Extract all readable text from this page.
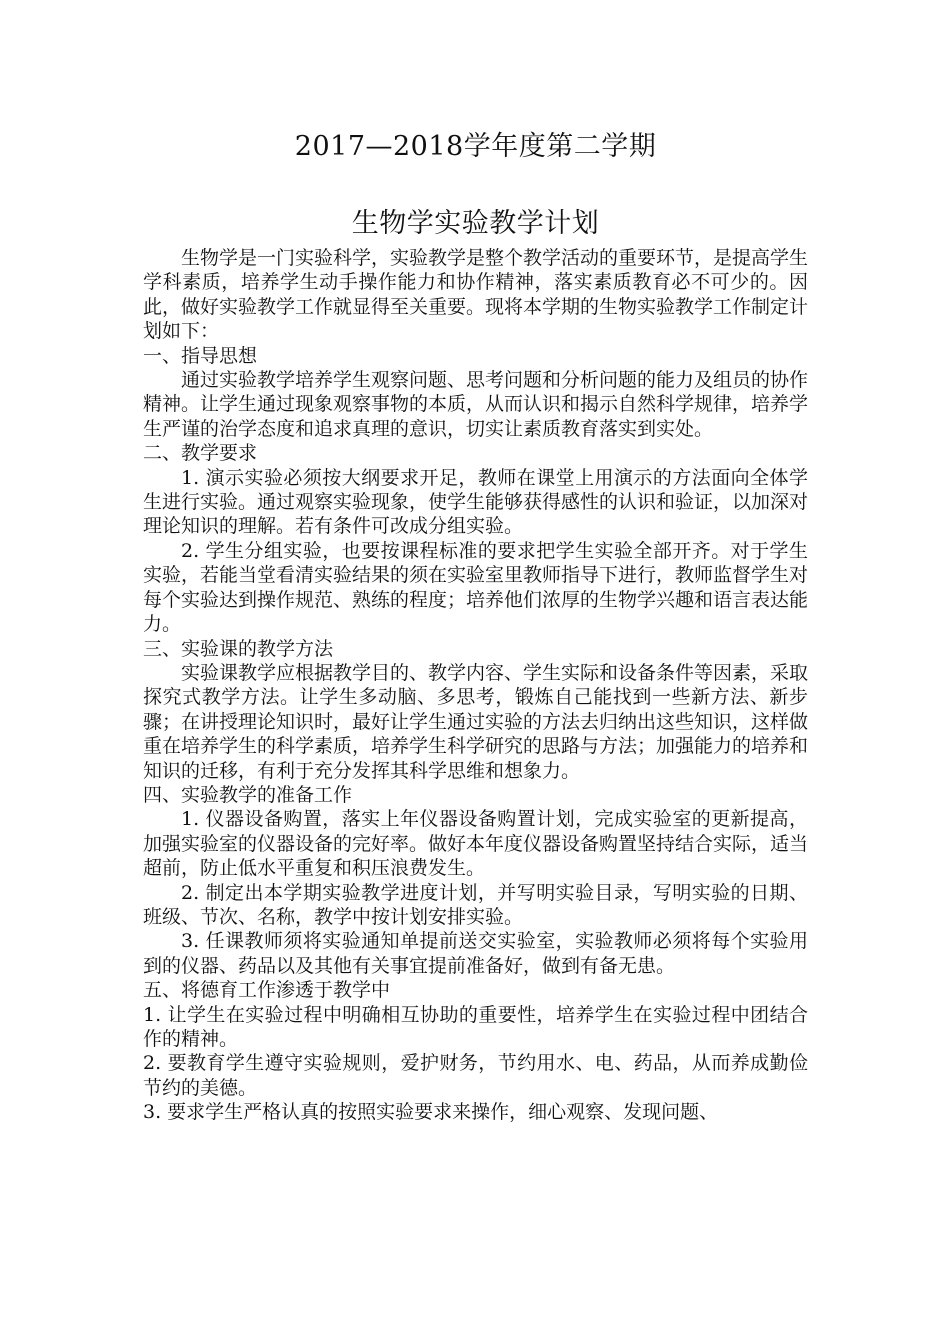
2017—2018学年度第二学期
生物学实验教学计划

生物学是一门实验科学，实验教学是整个教学活动的重要环节，是提高学生学科素质，培养学生动手操作能力和协作精神，落实素质教育必不可少的。因此，做好实验教学工作就显得至关重要。现将本学期的生物实验教学工作制定计划如下：

一、指导思想

通过实验教学培养学生观察问题、思考问题和分析问题的能力及组员的协作精神。让学生通过现象观察事物的本质，从而认识和揭示自然科学规律，培养学生严谨的治学态度和追求真理的意识，切实让素质教育落实到实处。

二、教学要求

1. 演示实验必须按大纲要求开足，教师在课堂上用演示的方法面向全体学生进行实验。通过观察实验现象，使学生能够获得感性的认识和验证，以加深对理论知识的理解。若有条件可改成分组实验。

2. 学生分组实验，也要按课程标准的要求把学生实验全部开齐。对于学生实验，若能当堂看清实验结果的须在实验室里教师指导下进行，教师监督学生对每个实验达到操作规范、熟练的程度；培养他们浓厚的生物学兴趣和语言表达能力。

三、实验课的教学方法

实验课教学应根据教学目的、教学内容、学生实际和设备条件等因素，采取探究式教学方法。让学生多动脑、多思考，锻炼自己能找到一些新方法、新步骤；在讲授理论知识时，最好让学生通过实验的方法去归纳出这些知识，这样做重在培养学生的科学素质，培养学生科学研究的思路与方法；加强能力的培养和知识的迁移，有利于充分发挥其科学思维和想象力。

四、实验教学的准备工作

1. 仪器设备购置，落实上年仪器设备购置计划，完成实验室的更新提高，加强实验室的仪器设备的完好率。做好本年度仪器设备购置坚持结合实际，适当超前，防止低水平重复和积压浪费发生。

2. 制定出本学期实验教学进度计划，并写明实验目录，写明实验的日期、班级、节次、名称，教学中按计划安排实验。

3. 任课教师须将实验通知单提前送交实验室，实验教师必须将每个实验用到的仪器、药品以及其他有关事宜提前准备好，做到有备无患。

五、将德育工作渗透于教学中

1. 让学生在实验过程中明确相互协助的重要性，培养学生在实验过程中团结合作的精神。

2. 要教育学生遵守实验规则，爱护财务，节约用水、电、药品，从而养成勤俭节约的美德。

3. 要求学生严格认真的按照实验要求来操作，细心观察、发现问题、
